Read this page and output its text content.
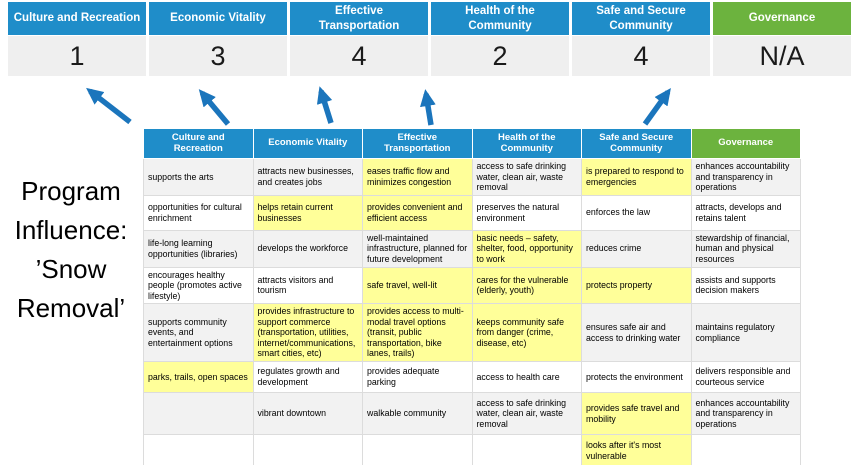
Culture and Recreation
1
Economic Vitality
3
Effective Transportation
4
Health of the Community
2
Safe and Secure Community
4
Governance
N/A
Program
Influence:
’Snow
Removal’
Culture and Recreation	Economic Vitality	Effective Transportation	Health of the Community	Safe and Secure Community	Governance
supports the arts	attracts new businesses, and creates jobs	eases traffic flow and minimizes congestion	access to safe drinking water, clean air, waste removal	is prepared to respond to emergencies	enhances accountability and transparency in operations
opportunities for cultural enrichment	helps retain current businesses	provides convenient and efficient access	preserves the natural environment	enforces the law	attracts, develops and retains talent
life-long learning opportunities (libraries)	develops the workforce	well-maintained infrastructure, planned for future development	basic needs – safety, shelter, food, opportunity to work	reduces crime	stewardship of financial, human and physical resources
encourages healthy people (promotes active lifestyle)	attracts visitors and tourism	safe travel, well-lit	cares for the vulnerable (elderly, youth)	protects property	assists and supports decision makers
supports community events, and entertainment options	provides infrastructure to support commerce (transportation, utilities, internet/communications, smart cities, etc)	provides access to multi-modal travel options (transit, public transportation, bike lanes, trails)	keeps community safe from danger (crime, disease, etc)	ensures safe air and access to drinking water	maintains regulatory compliance
parks, trails, open spaces	regulates growth and development	provides adequate parking	access to health care	protects the environment	delivers responsible and courteous service
	vibrant downtown	walkable community	access to safe drinking water, clean air, waste removal	provides safe travel and mobility	enhances accountability and transparency in operations
				looks after it's most vulnerable	
